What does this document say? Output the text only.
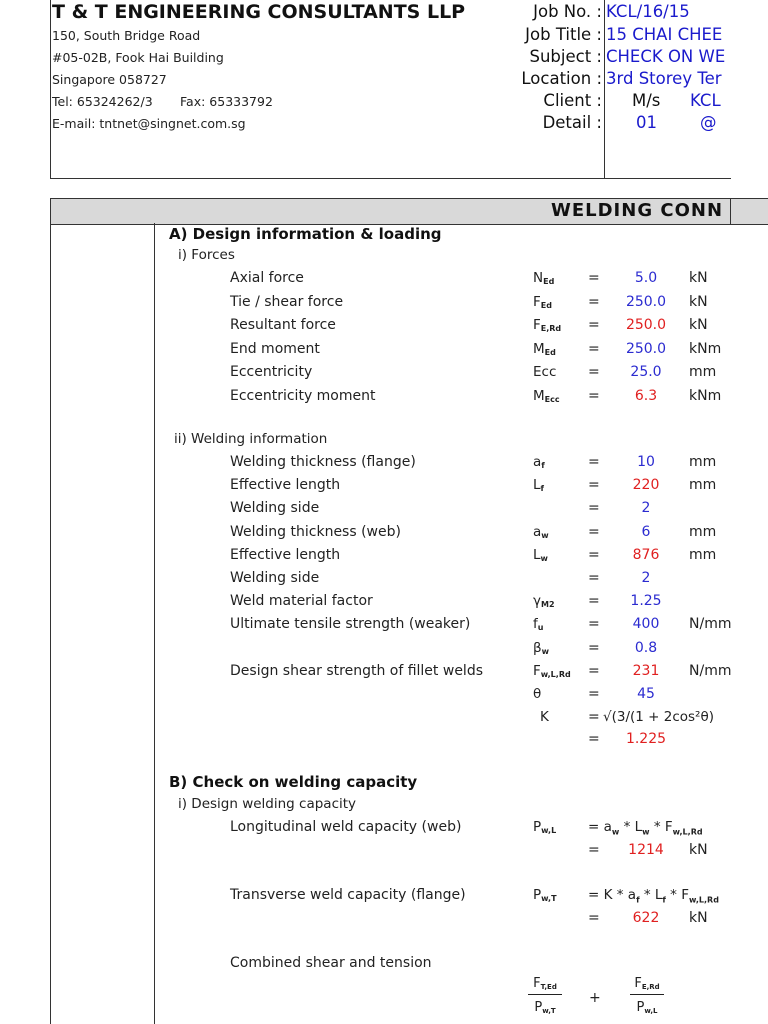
T & T ENGINEERING CONSULTANTS LLP
150, South Bridge Road
#05-02B, Fook Hai Building
Singapore 058727
Tel: 65324262/3 Fax: 65333792
E-mail: tntnet@singnet.com.sg
Job No. : KCL/16/15
Job Title : 15 CHAI CHEE
Subject : CHECK ON WE
Location : 3rd Storey Ter
Client : M/s KCL
Detail : 01	@
WELDING CONN
A) Design information & loading
i) Forces
Axial force	$N_{Ed}$ =	5.0	kN
Tie / shear force	$F_{Ed}$	=	250.0	kN
Resultant force	$F_{E,Rd}$ =	250.0	kN
End moment	$M_{Ed}$ =	250.0	kNm
Eccentricity	Ecc =	25.0	mm
Eccentricity moment	$M_{Ecc}$ =	6.3	kNm
ii) Welding information
Welding thickness (flange)	$a_f$	=	10	mm
Effective length	$L_f$	=	220	mm
Welding side	=	2
Welding thickness (web)	$a_w$	=	6	mm
Effective length	$L_w$	=	876	mm
Welding side	=	2
Weld material factor	$\gamma_{M2}$ =	1.25
Ultimate tensile strength (weaker)	$f_u$	=	400	N/mm
$\beta_w$	=	0.8
Design shear strength of fillet welds	$F_{w,L,Rd}$ =	231	N/mm
θ	=	45
K	= √(3/(1 + 2cos²θ)
=	1.225
B) Check on welding capacity
i) Design welding capacity
Longitudinal weld capacity (web)	$P_{w,L} = a_w * L_w * F_{w,L,Rd}$
=	1214	kN
Transverse weld capacity (flange)	$P_{w,T} = K * a_f * L_f * F_{w,L,Rd}$
=	622	kN
Combined shear and tension
$F_{T,Ed}$
$P_{w,T}$
+
$F_{E,Rd}$
$P_{w,L}$
